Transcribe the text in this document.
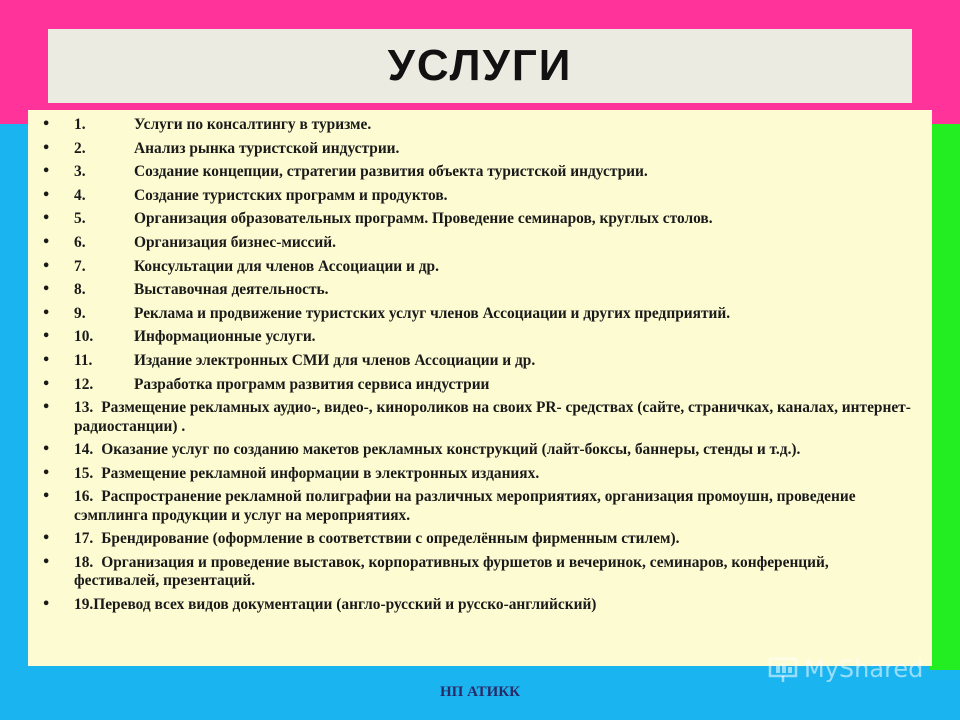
УСЛУГИ
• 1.	Услуги по консалтингу в туризме.
• 2.	Анализ рынка туристской индустрии.
• 3.	Создание концепции, стратегии развития объекта туристской индустрии.
• 4.	Создание туристских программ и продуктов.
• 5.	Организация образовательных программ. Проведение семинаров, круглых столов.
• 6.	Организация бизнес-миссий.
• 7.	Консультации для членов Ассоциации и др.
• 8.	Выставочная деятельность.
• 9.	Реклама и продвижение туристских услуг членов Ассоциации и других предприятий.
• 10.	Информационные услуги.
• 11.	Издание электронных СМИ для членов Ассоциации и др.
• 12.	Разработка программ развития сервиса индустрии
• 13. Размещение рекламных аудио-, видео-, кинороликов на своих PR- средствах (сайте, страничках, каналах, интернет-радиостанции) .
• 14. Оказание услуг по созданию макетов рекламных конструкций (лайт-боксы, баннеры, стенды и т.д.).
• 15. Размещение рекламной информации в электронных изданиях.
• 16. Распространение рекламной полиграфии на различных мероприятиях, организация промоушн, проведение сэмплинга продукции и услуг на мероприятиях.
• 17. Брендирование (оформление в соответствии с определённым фирменным стилем).
• 18. Организация и проведение выставок, корпоративных фуршетов и вечеринок, семинаров, конференций, фестивалей, презентаций.
• 19.Перевод всех видов документации (англо-русский и русско-английский)
НП АТИКК
MyShared
